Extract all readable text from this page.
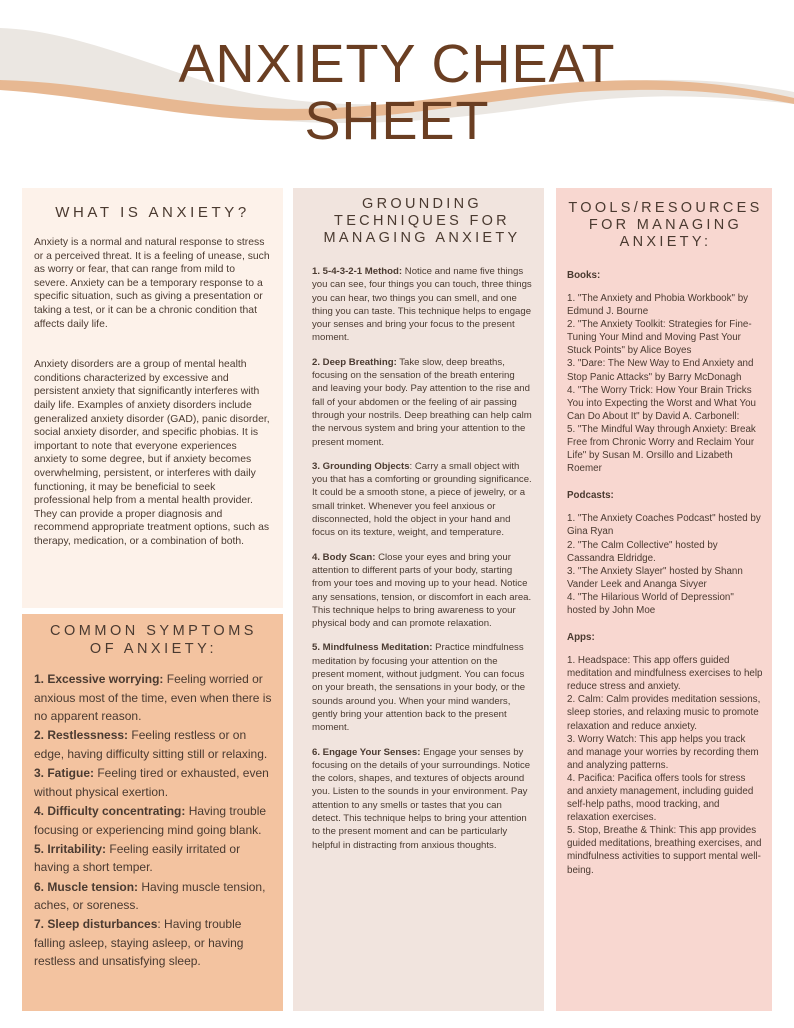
ANXIETY CHEAT
SHEET
WHAT IS ANXIETY?

Anxiety is a normal and natural response to stress or a perceived threat. It is a feeling of unease, such as worry or fear, that can range from mild to severe. Anxiety can be a temporary response to a specific situation, such as giving a presentation or taking a test, or it can be a chronic condition that affects daily life.

Anxiety disorders are a group of mental health conditions characterized by excessive and persistent anxiety that significantly interferes with daily life. Examples of anxiety disorders include generalized anxiety disorder (GAD), panic disorder, social anxiety disorder, and specific phobias. It is important to note that everyone experiences anxiety to some degree, but if anxiety becomes overwhelming, persistent, or interferes with daily functioning, it may be beneficial to seek professional help from a mental health provider. They can provide a proper diagnosis and recommend appropriate treatment options, such as therapy, medication, or a combination of both.

COMMON SYMPTOMS OF ANXIETY:
1. Excessive worrying: Feeling worried or anxious most of the time, even when there is no apparent reason.
2. Restlessness: Feeling restless or on edge, having difficulty sitting still or relaxing.
3. Fatigue: Feeling tired or exhausted, even without physical exertion.
4. Difficulty concentrating: Having trouble focusing or experiencing mind going blank.
5. Irritability: Feeling easily irritated or having a short temper.
6. Muscle tension: Having muscle tension, aches, or soreness.
7. Sleep disturbances: Having trouble falling asleep, staying asleep, or having restless and unsatisfying sleep.
GROUNDING TECHNIQUES FOR MANAGING ANXIETY

1. 5-4-3-2-1 Method: Notice and name five things you can see, four things you can touch, three things you can hear, two things you can smell, and one thing you can taste. This technique helps to engage your senses and bring your focus to the present moment.

2. Deep Breathing: Take slow, deep breaths, focusing on the sensation of the breath entering and leaving your body. Pay attention to the rise and fall of your abdomen or the feeling of air passing through your nostrils. Deep breathing can help calm the nervous system and bring your attention to the present moment.

3. Grounding Objects: Carry a small object with you that has a comforting or grounding significance. It could be a smooth stone, a piece of jewelry, or a small trinket. Whenever you feel anxious or disconnected, hold the object in your hand and focus on its texture, weight, and temperature.

4. Body Scan: Close your eyes and bring your attention to different parts of your body, starting from your toes and moving up to your head. Notice any sensations, tension, or discomfort in each area. This technique helps to bring awareness to your physical body and can promote relaxation.

5. Mindfulness Meditation: Practice mindfulness meditation by focusing your attention on the present moment, without judgment. You can focus on your breath, the sensations in your body, or the sounds around you. When your mind wanders, gently bring your attention back to the present moment.

6. Engage Your Senses: Engage your senses by focusing on the details of your surroundings. Notice the colors, shapes, and textures of objects around you. Listen to the sounds in your environment. Pay attention to any smells or tastes that you can detect. This technique helps to bring your attention to the present moment and can be particularly helpful in distracting from anxious thoughts.

TOOLS/RESOURCES FOR MANAGING ANXIETY:

Books:

1. "The Anxiety and Phobia Workbook" by Edmund J. Bourne
2. "The Anxiety Toolkit: Strategies for Fine-Tuning Your Mind and Moving Past Your Stuck Points" by Alice Boyes
3. "Dare: The New Way to End Anxiety and Stop Panic Attacks" by Barry McDonagh
4. "The Worry Trick: How Your Brain Tricks You into Expecting the Worst and What You Can Do About It" by David A. Carbonell:
5. "The Mindful Way through Anxiety: Break Free from Chronic Worry and Reclaim Your Life" by Susan M. Orsillo and Lizabeth Roemer

Podcasts:

1. "The Anxiety Coaches Podcast" hosted by Gina Ryan
2. "The Calm Collective" hosted by Cassandra Eldridge.
3. "The Anxiety Slayer" hosted by Shann Vander Leek and Ananga Sivyer
4. "The Hilarious World of Depression" hosted by John Moe

Apps:

1. Headspace: This app offers guided meditation and mindfulness exercises to help reduce stress and anxiety.
2. Calm: Calm provides meditation sessions, sleep stories, and relaxing music to promote relaxation and reduce anxiety.
3. Worry Watch: This app helps you track and manage your worries by recording them and analyzing patterns.
4. Pacifica: Pacifica offers tools for stress and anxiety management, including guided self-help paths, mood tracking, and relaxation exercises.
5. Stop, Breathe & Think: This app provides guided meditations, breathing exercises, and mindfulness activities to support mental well-being.
